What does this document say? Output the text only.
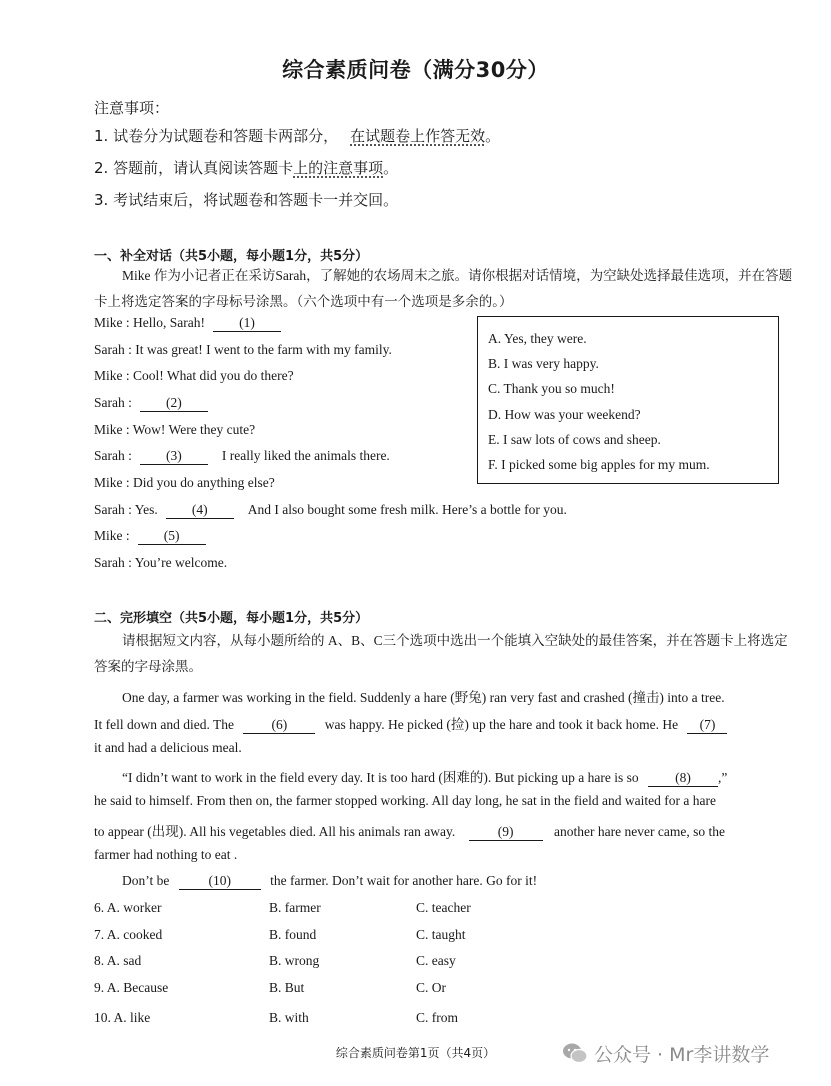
综合素质问卷（满分30分）
注意事项：
1. 试卷分为试题卷和答题卡两部分， 在试题卷上作答无效。
2. 答题前，请认真阅读答题卡上的注意事项。
3. 考试结束后，将试题卷和答题卡一并交回。
一、补全对话（共5小题，每小题1分，共5分）
Mike 作为小记者正在采访Sarah，了解她的农场周末之旅。请你根据对话情境，为空缺处选择最佳选项，并在答题卡上将选定答案的字母标号涂黑。（六个选项中有一个选项是多余的。）
Mike : Hello, Sarah!	(1)
Sarah : It was great! I went to the farm with my family.
Mike : Cool! What did you do there?
Sarah :	(2)
Mike : Wow! Were they cute?
Sarah :	(3)	I really liked the animals there.
Mike : Did you do anything else?
Sarah : Yes.	(4)	And I also bought some fresh milk. Here’s a bottle for you.
Mike :	(5)
Sarah : You’re welcome.
A. Yes, they were.
B. I was very happy.
C. Thank you so much!
D. How was your weekend?
E. I saw lots of cows and sheep.
F. I picked some big apples for my mum.
二、完形填空（共5小题，每小题1分，共5分）
请根据短文内容，从每小题所给的 A、B、C三个选项中选出一个能填入空缺处的最佳答案，并在答题卡上将选定答案的字母涂黑。
One day, a farmer was working in the field. Suddenly a hare (野兔) ran very fast and crashed (撞击) into a tree.
It fell down and died. The	(6)	was happy. He picked (捡) up the hare and took it back home. He (7)
it and had a delicious meal.
“I didn’t want to work in the field every day. It is too hard (困难的). But picking up a hare is so	(8) ,”
he said to himself. From then on, the farmer stopped working. All day long, he sat in the field and waited for a hare
to appear (出现). All his vegetables died. All his animals ran away.	(9)	another hare never came, so the
farmer had nothing to eat .
Don’t be	(10)	the farmer. Don’t wait for another hare. Go for it!
6. A. worker	B. farmer	C. teacher
7. A. cooked	B. found	C. taught
8. A. sad	B. wrong	C. easy
9. A. Because	B. But	C. Or
10. A. like	B. with	C. from
综合素质问卷第1页（共4页）	公众号 · Mr李讲数学
